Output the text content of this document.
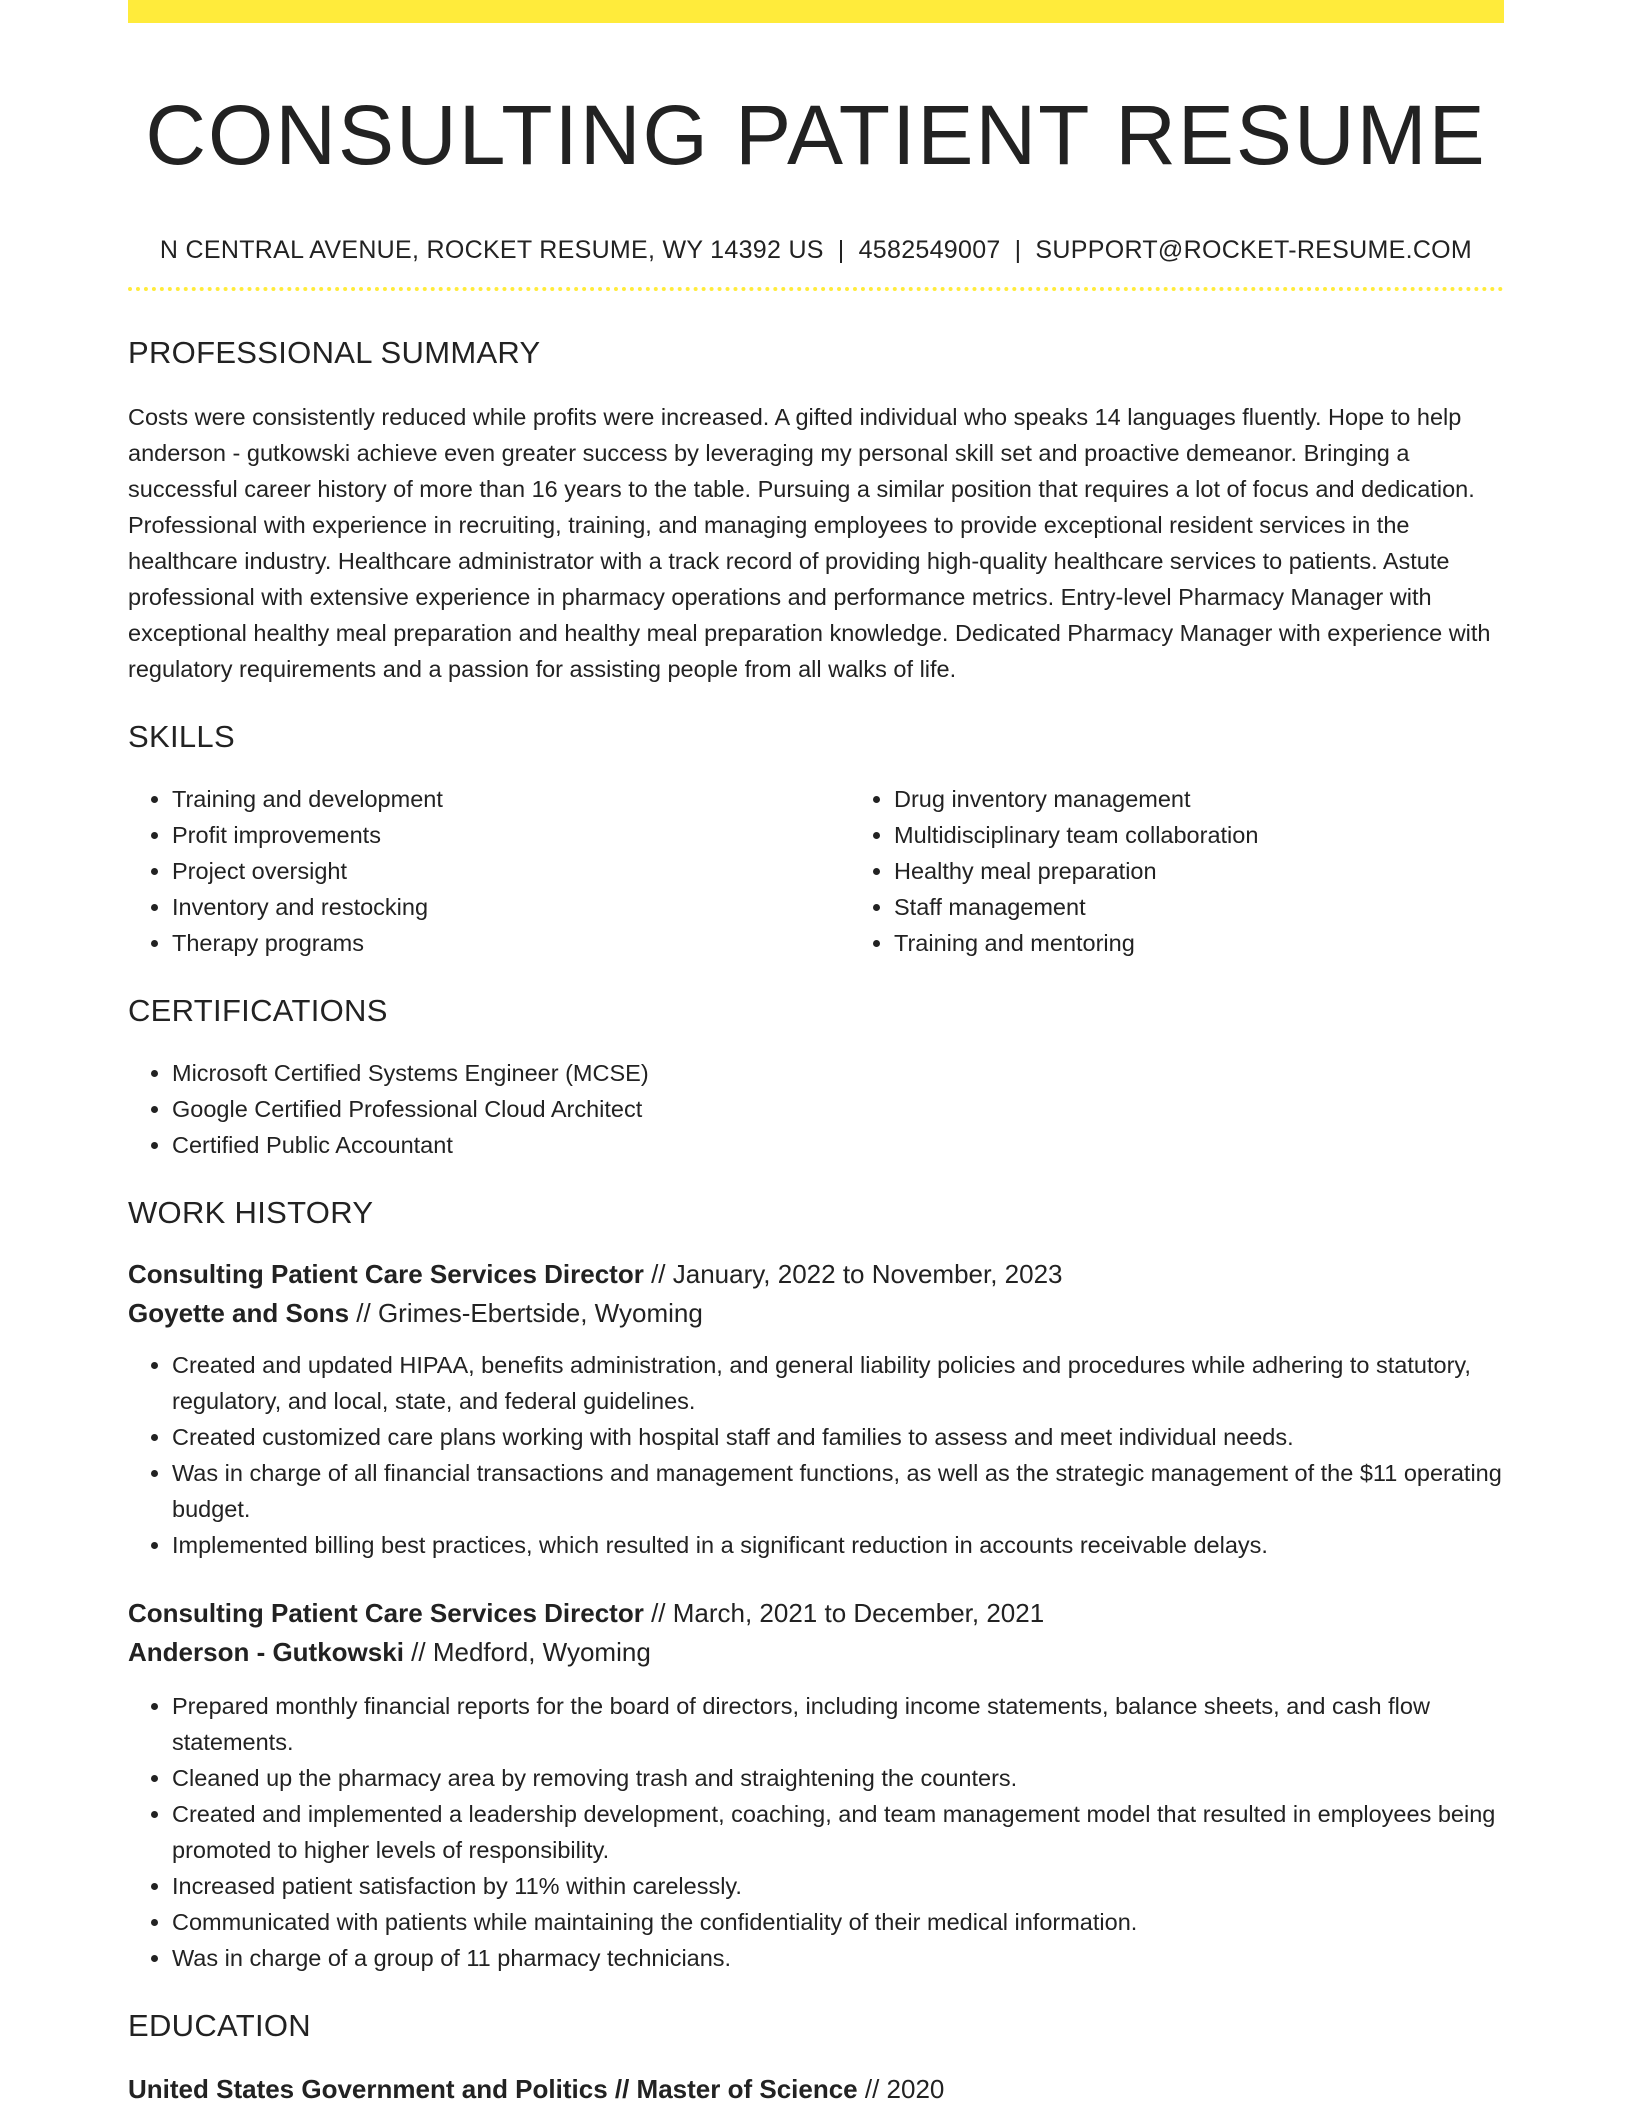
CONSULTING PATIENT RESUME
N CENTRAL AVENUE, ROCKET RESUME, WY 14392 US | 4582549007 | SUPPORT@ROCKET-RESUME.COM
PROFESSIONAL SUMMARY

Costs were consistently reduced while profits were increased. A gifted individual who speaks 14 languages fluently. Hope to help anderson - gutkowski achieve even greater success by leveraging my personal skill set and proactive demeanor. Bringing a successful career history of more than 16 years to the table. Pursuing a similar position that requires a lot of focus and dedication. Professional with experience in recruiting, training, and managing employees to provide exceptional resident services in the healthcare industry. Healthcare administrator with a track record of providing high-quality healthcare services to patients. Astute professional with extensive experience in pharmacy operations and performance metrics. Entry-level Pharmacy Manager with exceptional healthy meal preparation and healthy meal preparation knowledge. Dedicated Pharmacy Manager with experience with regulatory requirements and a passion for assisting people from all walks of life.

SKILLS
• Training and development
• Profit improvements
• Project oversight
• Inventory and restocking
• Therapy programs
• Drug inventory management
• Multidisciplinary team collaboration
• Healthy meal preparation
• Staff management
• Training and mentoring
CERTIFICATIONS
• Microsoft Certified Systems Engineer (MCSE)
• Google Certified Professional Cloud Architect
• Certified Public Accountant
WORK HISTORY
Consulting Patient Care Services Director // January, 2022 to November, 2023
Goyette and Sons // Grimes-Ebertside, Wyoming
• Created and updated HIPAA, benefits administration, and general liability policies and procedures while adhering to statutory, regulatory, and local, state, and federal guidelines.
• Created customized care plans working with hospital staff and families to assess and meet individual needs.
• Was in charge of all financial transactions and management functions, as well as the strategic management of the $11 operating budget.
• Implemented billing best practices, which resulted in a significant reduction in accounts receivable delays.
Consulting Patient Care Services Director // March, 2021 to December, 2021
Anderson - Gutkowski // Medford, Wyoming
• Prepared monthly financial reports for the board of directors, including income statements, balance sheets, and cash flow statements.
• Cleaned up the pharmacy area by removing trash and straightening the counters.
• Created and implemented a leadership development, coaching, and team management model that resulted in employees being promoted to higher levels of responsibility.
• Increased patient satisfaction by 11% within carelessly.
• Communicated with patients while maintaining the confidentiality of their medical information.
• Was in charge of a group of 11 pharmacy technicians.
EDUCATION
United States Government and Politics // Master of Science // 2020
